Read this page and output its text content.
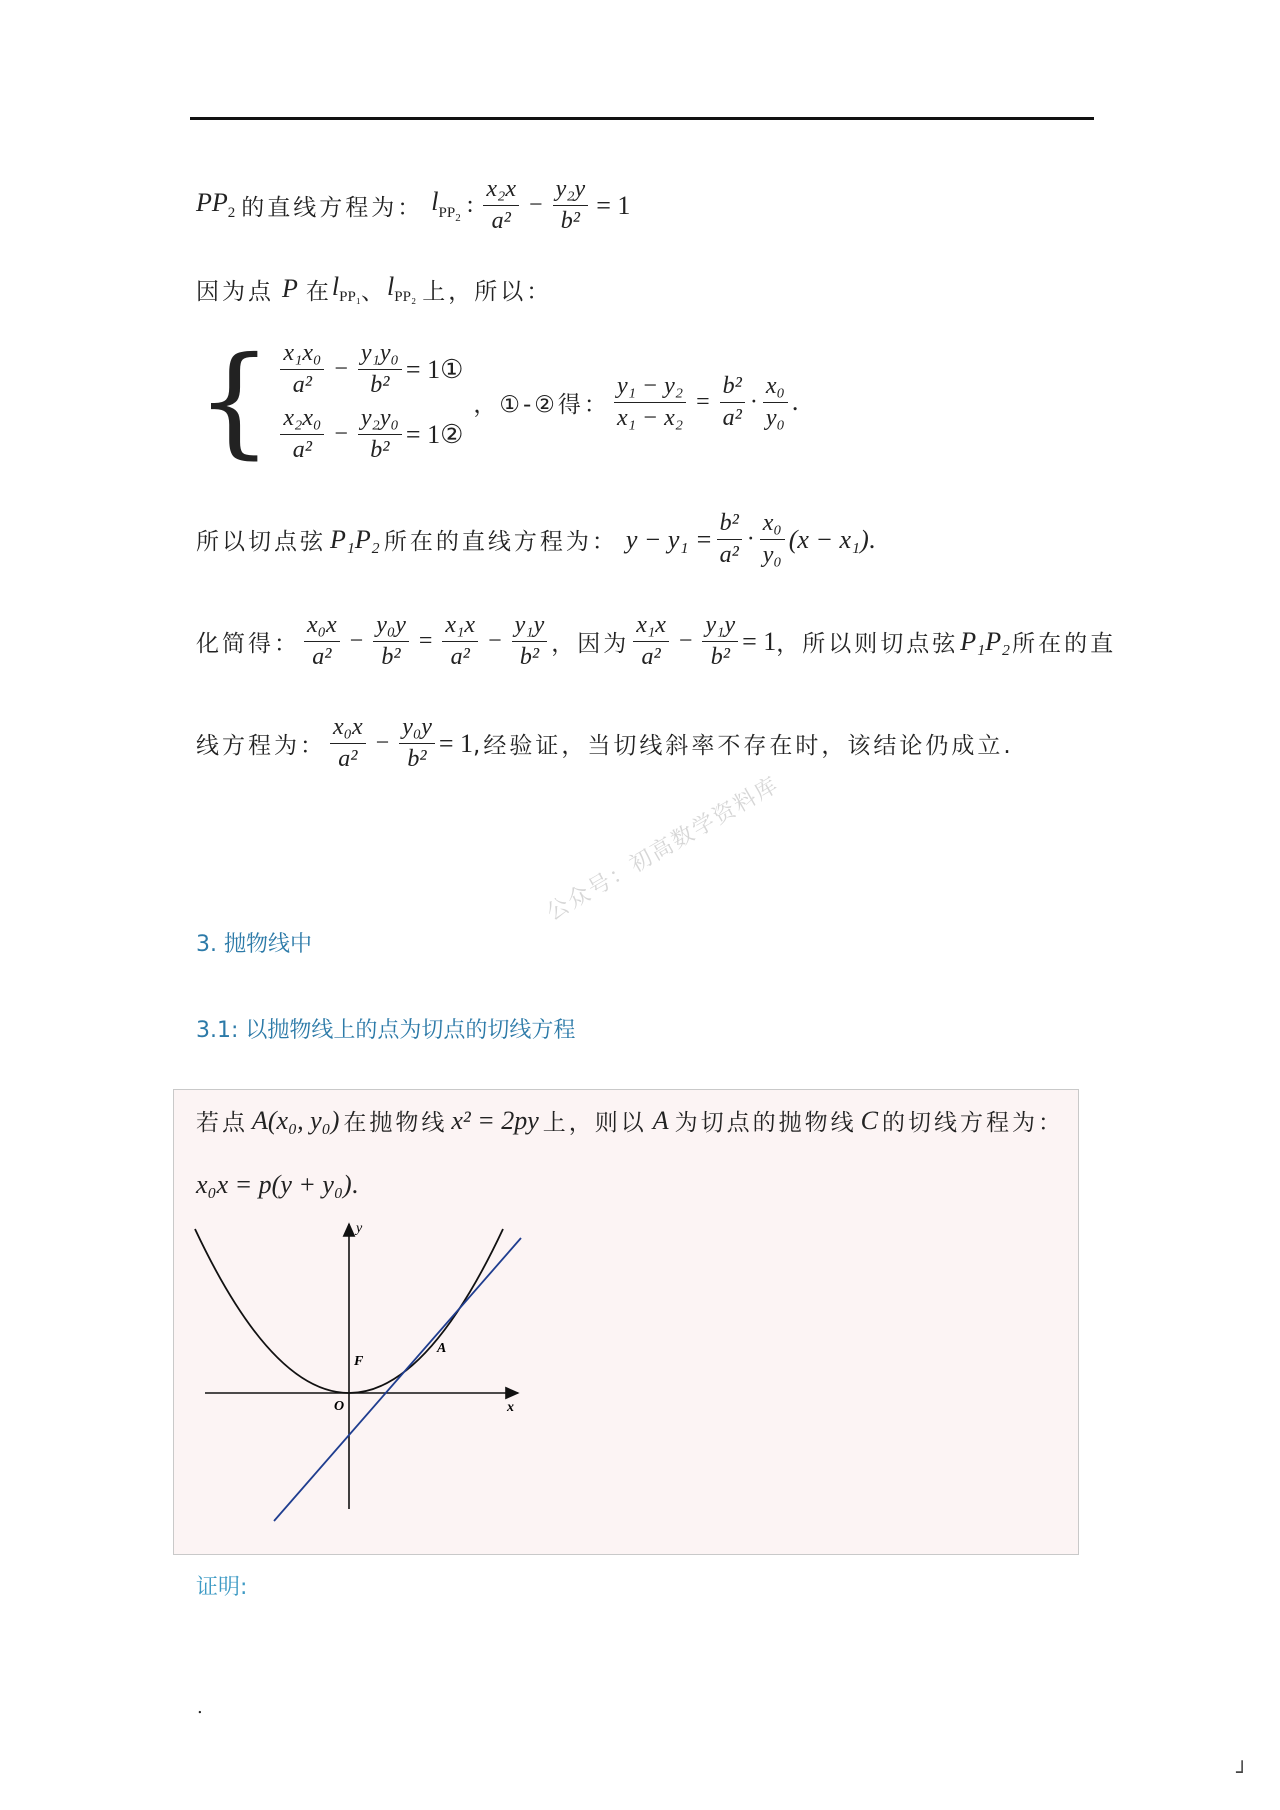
$PP_2$ 的直线方程为： $l_{PP_2}$ : $\frac{\text{x₂x}}{\text{a²}} - \frac{\text{y₂y}}{\text{b²}} = 1$
因为点 P 在 $l_{PP_1}$ 、 $l_{PP_2}$ 上，所以：
{ $\frac{\text{x₁x₀}}{\text{a²}} - \frac{\text{y₁y₀}}{\text{b²}}$ = 1①
$\frac{\text{x₂x₀}}{\text{a²}} - \frac{\text{y₂y₀}}{\text{b²}}$ = 1②
，①-②得： $\frac{\text{y₁ − y₂}}{\text{x₁ − x₂}} = \frac{\text{b²}}{\text{a²}} \cdot \frac{\text{x₀}}{\text{y₀}}$ .
所以切点弦 P₁P₂ 所在的直线方程为： $y - y_1 = \frac{\text{b²}}{\text{a²}} \cdot \frac{\text{x₀}}{\text{y₀}} (x - x_1)$ .
化简得： $\frac{\text{x₀x}}{\text{a²}} - \frac{\text{y₀y}}{\text{b²}} = \frac{\text{x₁x}}{\text{a²}} - \frac{\text{y₁y}}{\text{b²}}$ ，因为 $\frac{\text{x₁x}}{\text{a²}} - \frac{\text{y₁y}}{\text{b²}} = 1$ ，所以则切点弦 P₁P₂ 所在的直
线方程为： $\frac{\text{x₀x}}{\text{a²}} - \frac{\text{y₀y}}{\text{b²}} = 1$ ,经验证，当切线斜率不存在时，该结论仍成立.
公众号：初高数学资料库
3. 抛物线中
3.1: 以抛物线上的点为切点的切线方程
若点 A(x₀, y₀) 在抛物线 x² = 2py 上，则以 A 为切点的抛物线 C 的切线方程为：
x₀x = p(y + y₀) .
y
x
O
F
A
证明:
.
┘
